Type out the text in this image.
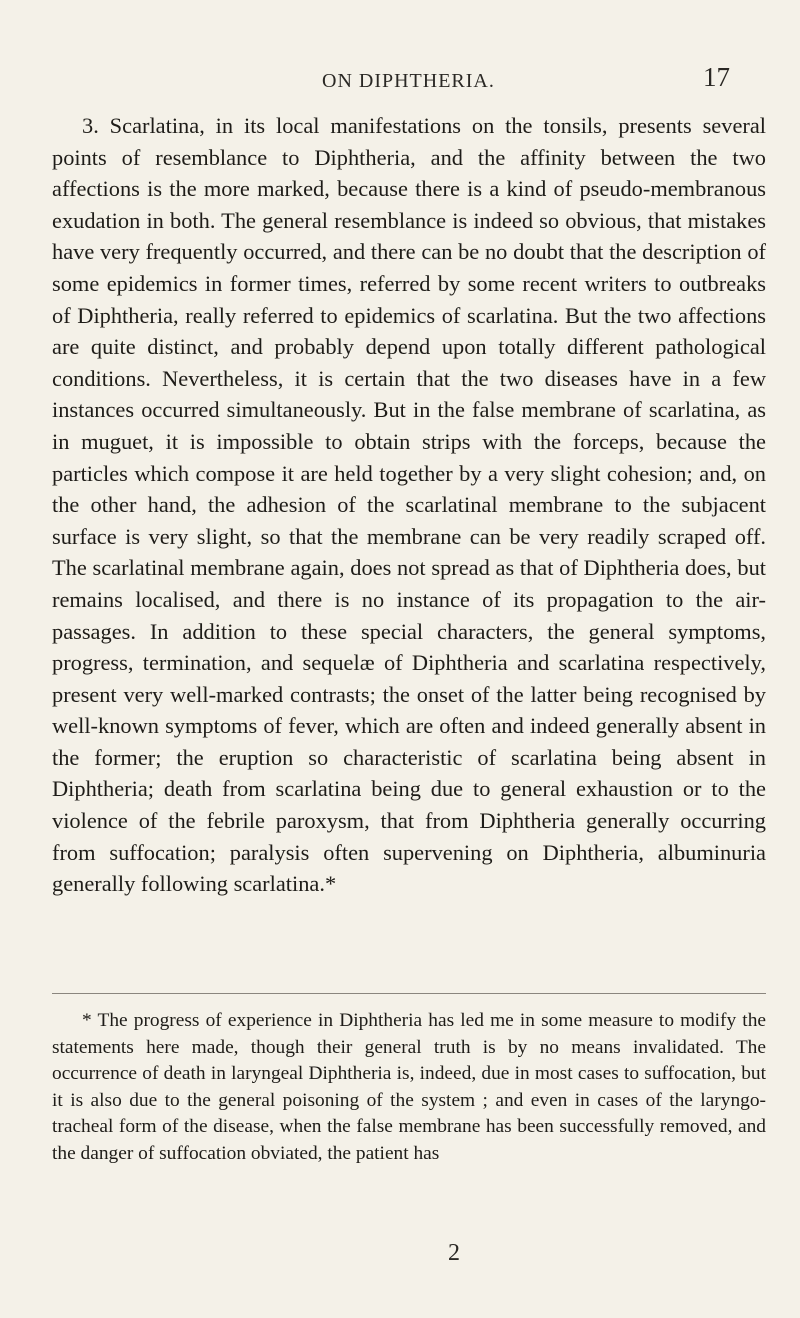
ON DIPHTHERIA.	17

3. Scarlatina, in its local manifestations on the tonsils, presents several points of resemblance to Diphtheria, and the affinity between the two affections is the more marked, because there is a kind of pseudo-membranous exudation in both. The general resemblance is indeed so obvious, that mistakes have very frequently occurred, and there can be no doubt that the description of some epidemics in former times, referred by some recent writers to outbreaks of Diphtheria, really referred to epidemics of scarlatina. But the two affections are quite distinct, and probably depend upon totally different pathological conditions. Nevertheless, it is certain that the two diseases have in a few instances occurred simultaneously. But in the false membrane of scarlatina, as in muguet, it is impossible to obtain strips with the forceps, because the particles which compose it are held together by a very slight cohesion; and, on the other hand, the adhesion of the scarlatinal membrane to the subjacent surface is very slight, so that the membrane can be very readily scraped off. The scarlatinal membrane again, does not spread as that of Diphtheria does, but remains localised, and there is no instance of its propagation to the air-passages. In addition to these special characters, the general symptoms, progress, termination, and sequelæ of Diphtheria and scarlatina respectively, present very well-marked contrasts; the onset of the latter being recognised by well-known symptoms of fever, which are often and indeed generally absent in the former; the eruption so characteristic of scarlatina being absent in Diphtheria; death from scarlatina being due to general exhaustion or to the violence of the febrile paroxysm, that from Diphtheria generally occurring from suffocation; paralysis often supervening on Diphtheria, albuminuria generally following scarlatina.*

* The progress of experience in Diphtheria has led me in some measure to modify the statements here made, though their general truth is by no means invalidated. The occurrence of death in laryngeal Diphtheria is, indeed, due in most cases to suffocation, but it is also due to the general poisoning of the system ; and even in cases of the laryngo-tracheal form of the disease, when the false membrane has been successfully removed, and the danger of suffocation obviated, the patient has

2
